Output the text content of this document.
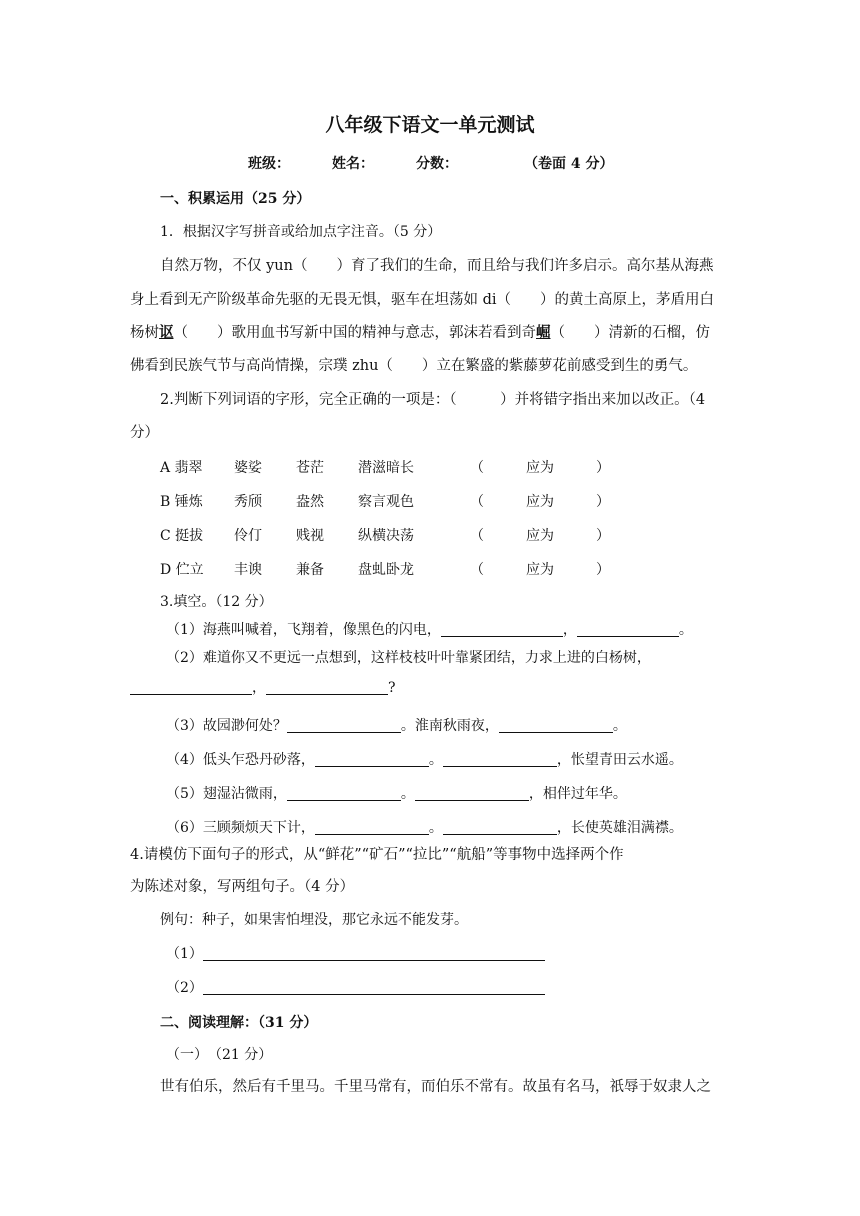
八年级下语文一单元测试
班级：	姓名：	分数：	（卷面 4 分）
一、积累运用（25 分）
1．根据汉字写拼音或给加点字注音。（5 分）
自然万物，不仅 yun（　　）育了我们的生命，而且给与我们许多启示。高尔基从海燕
身上看到无产阶级革命先驱的无畏无惧，驱车在坦荡如 di（　　）的黄土高原上，茅盾用白
杨树讴（　　）歌用血书写新中国的精神与意志，郭沫若看到奇崛（　　）清新的石榴，仿
佛看到民族气节与高尚情操，宗璞 zhu（　　）立在繁盛的紫藤萝花前感受到生的勇气。
2.判断下列词语的字形，完全正确的一项是：（　　　）并将错字指出来加以改正。（4
分）
A 翡翠 婆娑 苍茫 潜滋暗长	（　　　应为　　　）
B 锤炼 秀颀 盎然 察言观色	（　　　应为　　　）
C 挺拔 伶仃 贱视 纵横决荡	（　　　应为　　　）
D 伫立 丰谀 兼备 盘虬卧龙	（　　　应为　　　）
3.填空。（12 分）
（1）海燕叫喊着，飞翔着，像黑色的闪电，	，	。
（2）难道你又不更远一点想到，这样枝枝叶叶靠紧团结，力求上进的白杨树，
，	?
（3）故园渺何处？	。淮南秋雨夜，	。
（4）低头乍恐丹砂落，	。	，怅望青田云水遥。
（5）翅湿沾微雨，	。	，相伴过年华。
（6）三顾频烦天下计，	。	，长使英雄泪满襟。
4.请模仿下面句子的形式，从“鲜花”“矿石”“拉比”“航船”等事物中选择两个作
为陈述对象，写两组句子。（4 分）
例句：种子，如果害怕埋没，那它永远不能发芽。
（1）
（2）
二、阅读理解：（31 分）
（一）　（21 分）
世有伯乐，然后有千里马。千里马常有，而伯乐不常有。故虽有名马，祇辱于奴隶人之
